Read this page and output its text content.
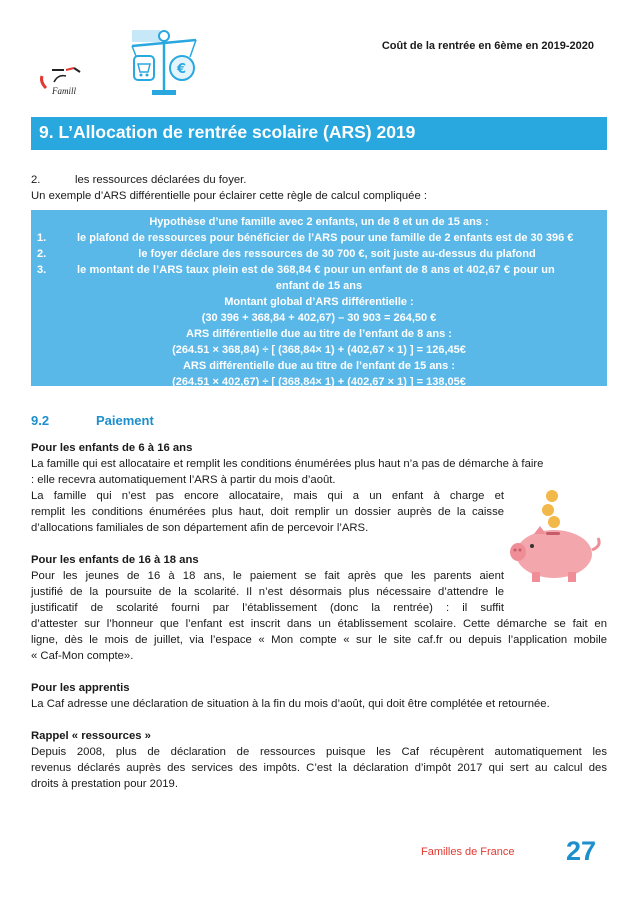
Coût de la rentrée en 6ème en 2019-2020
Famill
€
9. L’Allocation de rentrée scolaire (ARS) 2019
2.	les ressources déclarées du foyer.
Un exemple d’ARS différentielle pour éclairer cette règle de calcul compliquée :
Hypothèse d’une famille avec 2 enfants, un de 8 et un de 15 ans :
1.	le plafond de ressources pour bénéficier de l’ARS pour une famille de 2 enfants est de 30 396 €
2.	le foyer déclare des ressources de 30 700 €, soit juste au-dessus du plafond
3.	le montant de l’ARS taux plein est de 368,84 € pour un enfant de 8 ans et 402,67 € pour un
enfant de 15 ans
Montant global d’ARS différentielle :
(30 396 + 368,84 + 402,67) – 30 903 = 264,50 €
ARS différentielle due au titre de l’enfant de 8 ans :
(264.51 × 368,84) ÷ [ (368,84× 1) + (402,67 × 1) ] = 126,45€
ARS différentielle due au titre de l’enfant de 15 ans :
(264.51 × 402,67) ÷ [ (368,84× 1) + (402,67 × 1) ] = 138,05€
9.2	Paiement
Pour les enfants de 6 à 16 ans
La famille qui est allocataire et remplit les conditions énumérées plus haut n’a pas de démarche à faire
: elle recevra automatiquement l’ARS à partir du mois d’août.
La famille qui n’est pas encore allocataire, mais qui a un enfant à charge et
remplit les conditions énumérées plus haut, doit remplir un dossier auprès de la caisse
d’allocations familiales de son département afin de percevoir l’ARS.
Pour les enfants de 16 à 18 ans
Pour les jeunes de 16 à 18 ans, le paiement se fait après que les parents aient
justifié de la poursuite de la scolarité. Il n’est désormais plus nécessaire d’attendre le
justificatif de scolarité fourni par l’établissement (donc la rentrée) : il suffit
d’attester sur l’honneur que l’enfant est inscrit dans un établissement scolaire. Cette démarche se fait en
ligne, dès le mois de juillet, via l’espace « Mon compte « sur le site caf.fr ou depuis l’application mobile
« Caf-Mon compte».
Pour les apprentis
La Caf adresse une déclaration de situation à la fin du mois d’août, qui doit être complétée et retournée.
Rappel « ressources »
Depuis 2008, plus de déclaration de ressources puisque les Caf récupèrent automatiquement les
revenus déclarés auprès des services des impôts. C’est la déclaration d’impôt 2017 qui sert au calcul des
droits à prestation pour 2019.
Familles de France 27
